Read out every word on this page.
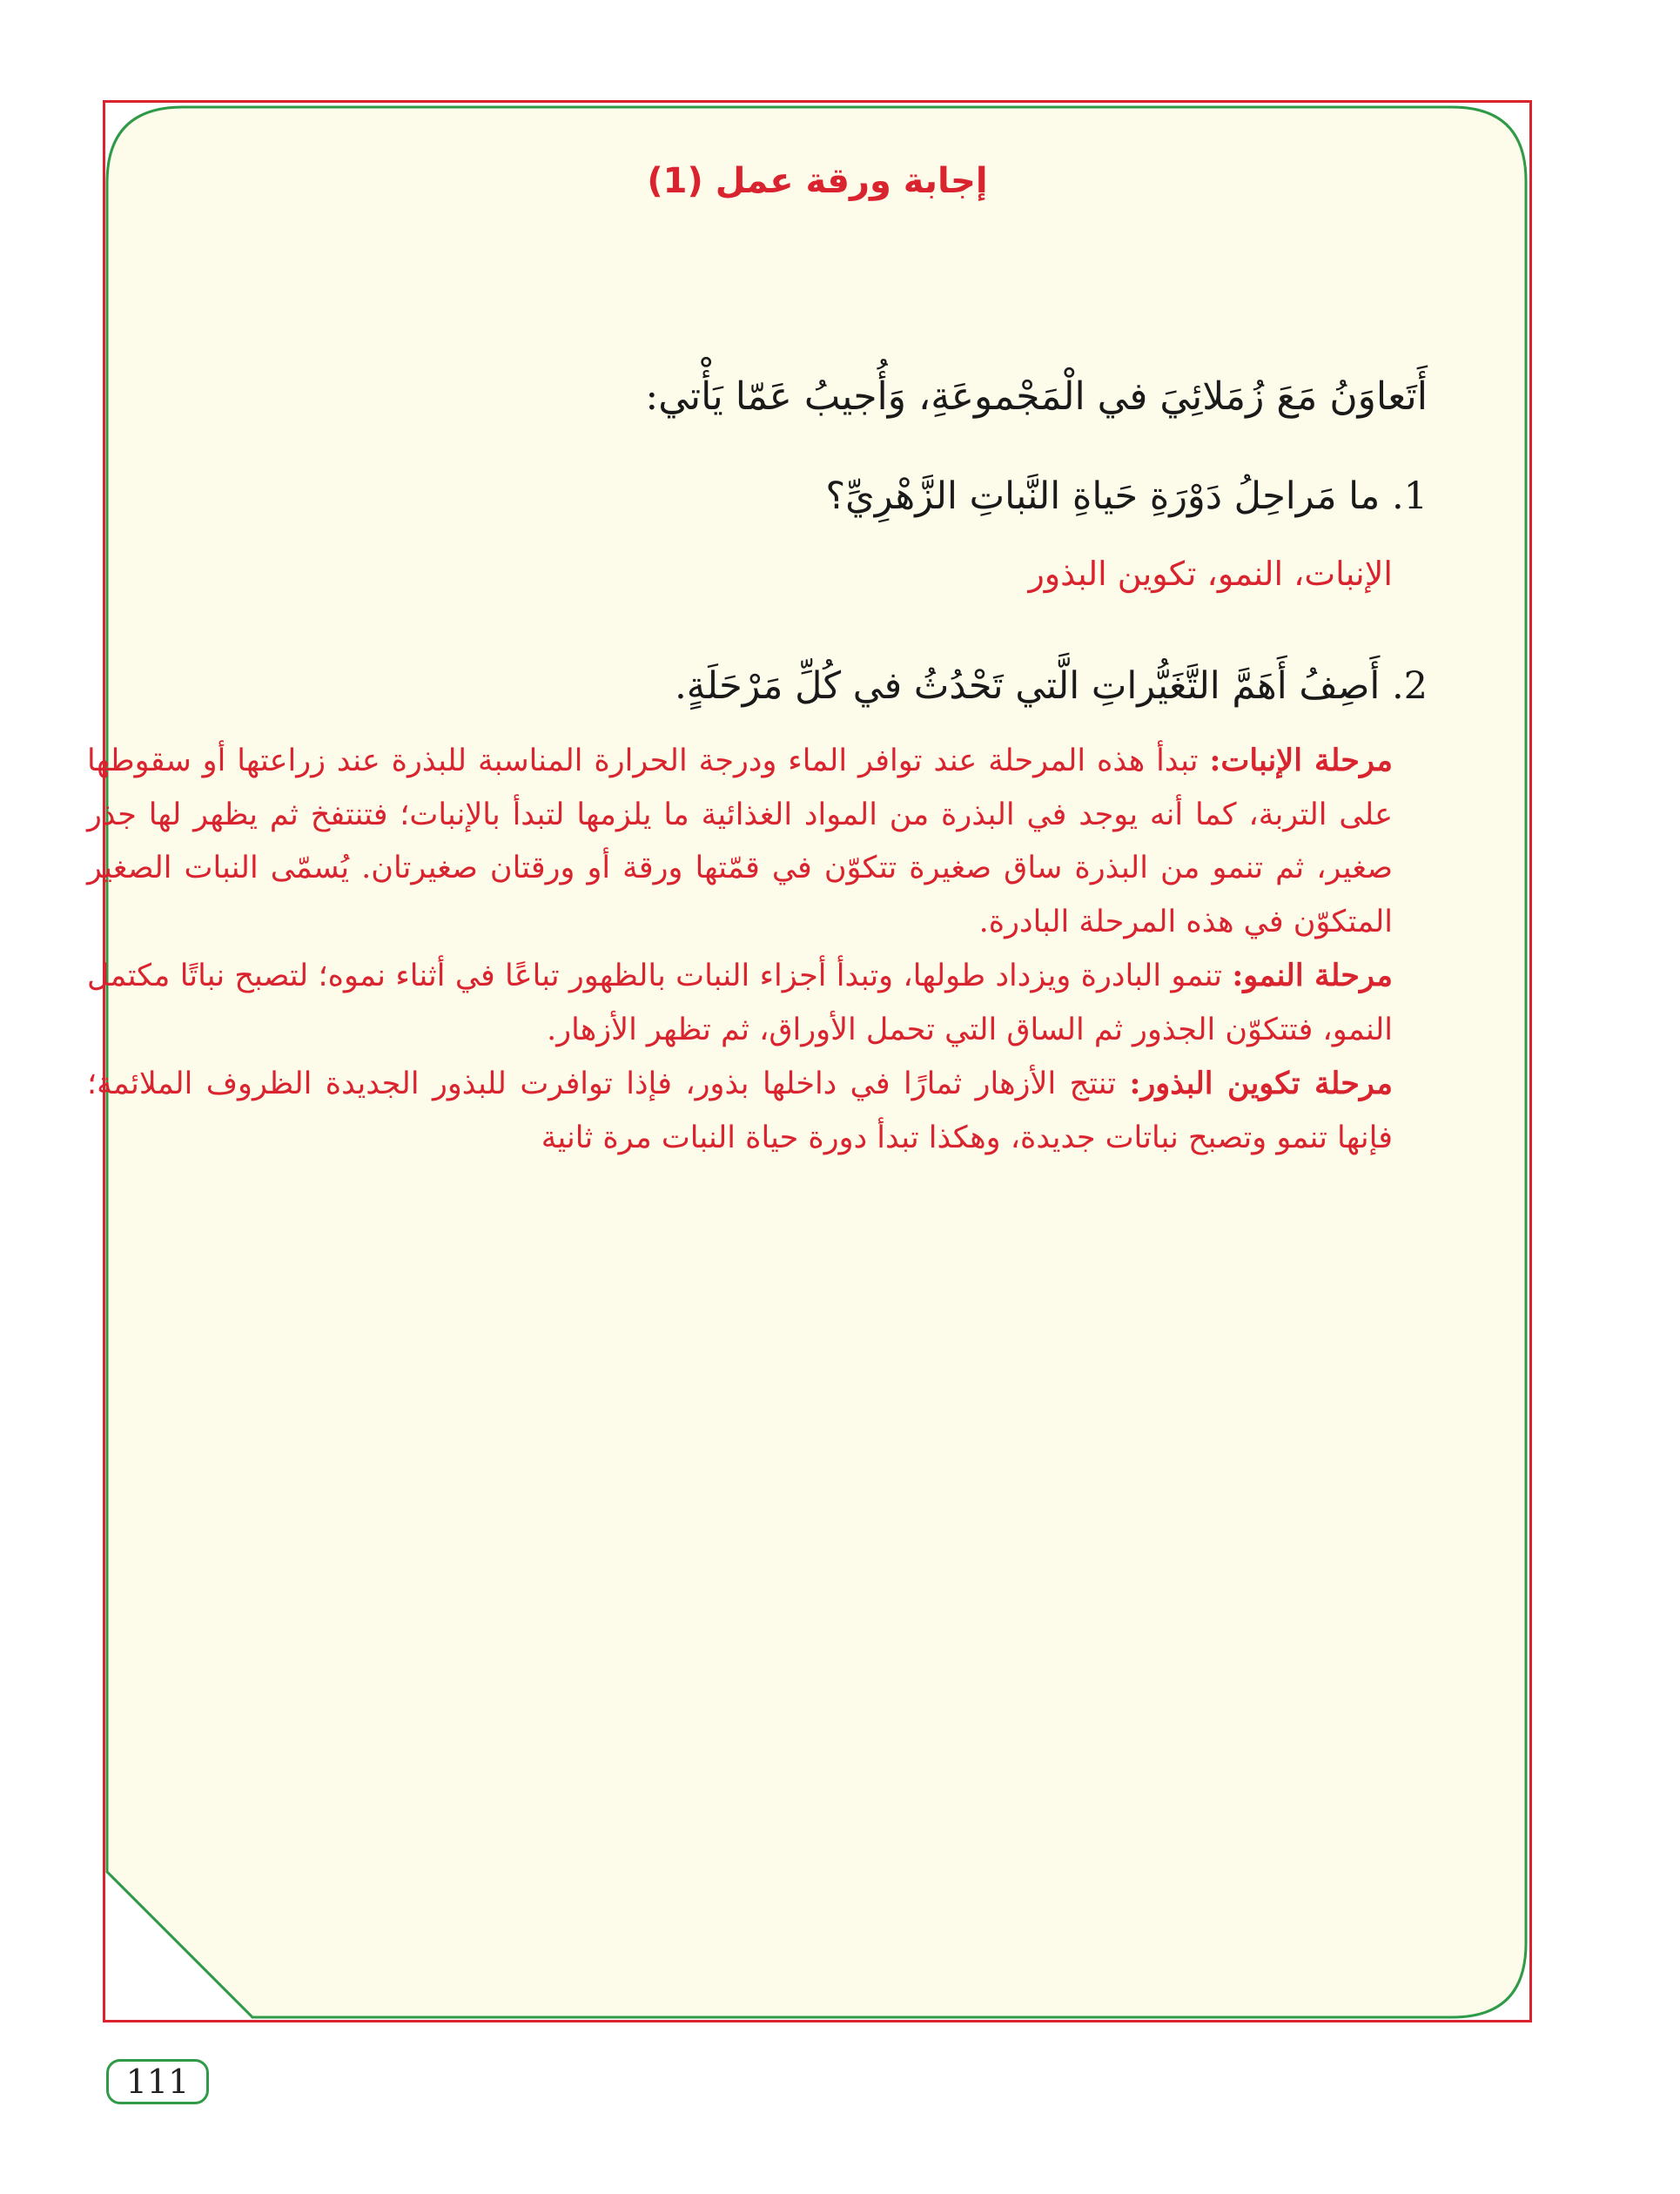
إجابة ورقة عمل (1)
أَتَعاوَنُ مَعَ زُمَلائِيَ في الْمَجْموعَةِ، وَأُجيبُ عَمّا يَأْتي:
1. ما مَراحِلُ دَوْرَةِ حَياةِ النَّباتِ الزَّهْرِيِّ؟
الإنبات، النمو، تكوين البذور
2. أَصِفُ أَهَمَّ التَّغَيُّراتِ الَّتي تَحْدُثُ في كُلِّ مَرْحَلَةٍ.

مرحلة الإنبات: تبدأ هذه المرحلة عند توافر الماء ودرجة الحرارة المناسبة للبذرة عند زراعتها أو سقوطها على التربة، كما أنه يوجد في البذرة من المواد الغذائية ما يلزمها لتبدأ بالإنبات؛ فتنتفخ ثم يظهر لها جذر صغير، ثم تنمو من البذرة ساق صغيرة تتكوّن في قمّتها ورقة أو ورقتان صغيرتان. يُسمّى النبات الصغير المتكوّن في هذه المرحلة البادرة.

مرحلة النمو: تنمو البادرة ويزداد طولها، وتبدأ أجزاء النبات بالظهور تباعًا في أثناء نموه؛ لتصبح نباتًا مكتمل النمو، فتتكوّن الجذور ثم الساق التي تحمل الأوراق، ثم تظهر الأزهار.

مرحلة تكوين البذور: تنتج الأزهار ثمارًا في داخلها بذور، فإذا توافرت للبذور الجديدة الظروف الملائمة؛ فإنها تنمو وتصبح نباتات جديدة، وهكذا تبدأ دورة حياة النبات مرة ثانية

111
